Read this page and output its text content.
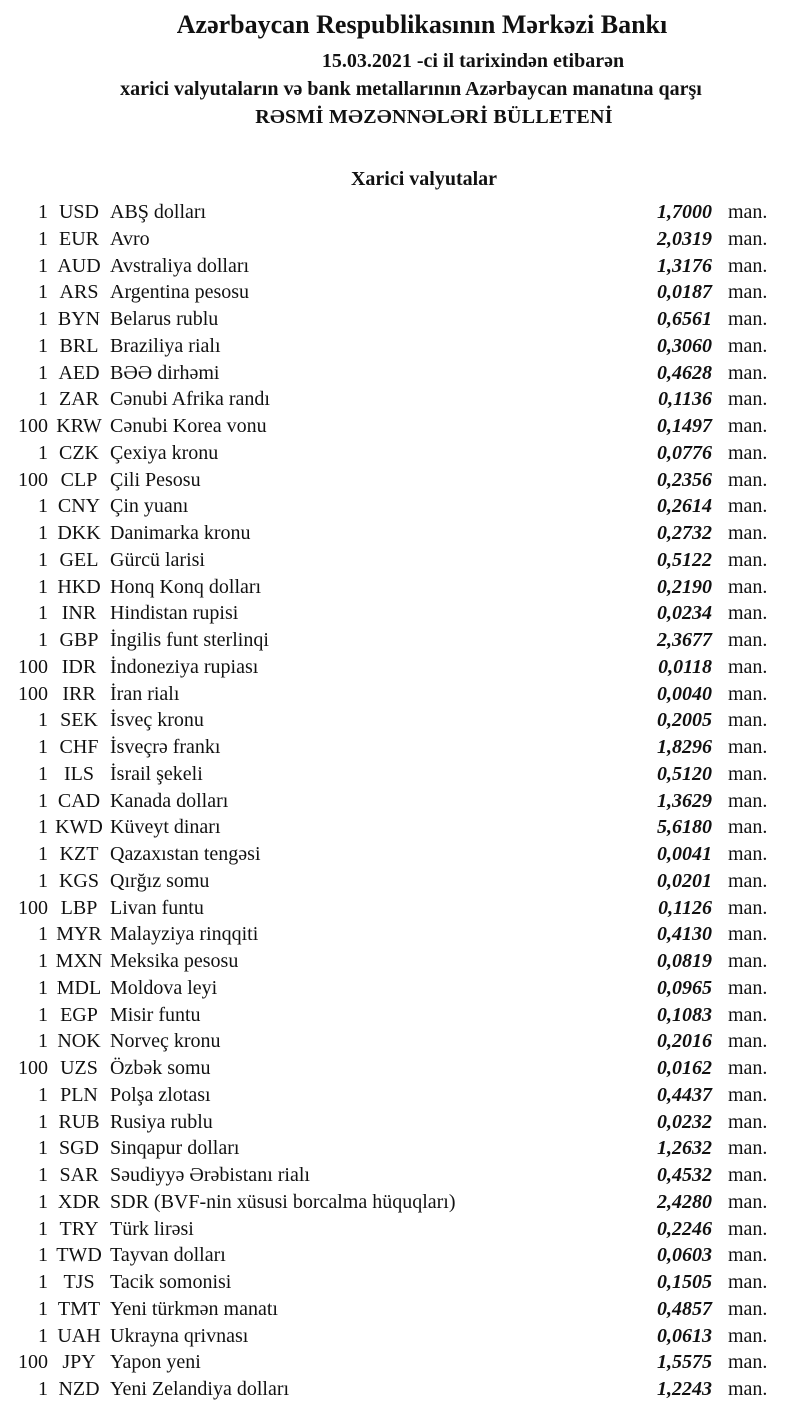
Azərbaycan Respublikasının Mərkəzi Bankı
15.03.2021 -ci il tarixindən etibarən
xarici valyutaların və bank metallarının Azərbaycan manatına qarşı
RƏSMİ MƏZƏNNƏLƏRİ BÜLLETENİ
Xarici valyutalar
1 USD ABŞ dolları	1,7000 man.
1 EUR Avro	2,0319 man.
1 AUD Avstraliya dolları	1,3176 man.
1 ARS Argentina pesosu	0,0187 man.
1 BYN Belarus rublu	0,6561 man.
1 BRL Braziliya rialı	0,3060 man.
1 AED BƏƏ dirhəmi	0,4628 man.
1 ZAR Cənubi Afrika randı	0,1136 man.
100 KRW Cənubi Korea vonu	0,1497 man.
1 CZK Çexiya kronu	0,0776 man.
100 CLP Çili Pesosu	0,2356 man.
1 CNY Çin yuanı	0,2614 man.
1 DKK Danimarka kronu	0,2732 man.
1 GEL Gürcü larisi	0,5122 man.
1 HKD Honq Konq dolları	0,2190 man.
1 INR Hindistan rupisi	0,0234 man.
1 GBP İngilis funt sterlinqi	2,3677 man.
100 IDR İndoneziya rupiası	0,0118 man.
100 IRR İran rialı	0,0040 man.
1 SEK İsveç kronu	0,2005 man.
1 CHF İsveçrə frankı	1,8296 man.
1 ILS İsrail şekeli	0,5120 man.
1 CAD Kanada dolları	1,3629 man.
1 KWD Küveyt dinarı	5,6180 man.
1 KZT Qazaxıstan tengəsi	0,0041 man.
1 KGS Qırğız somu	0,0201 man.
100 LBP Livan funtu	0,1126 man.
1 MYR Malayziya rinqqiti	0,4130 man.
1 MXN Meksika pesosu	0,0819 man.
1 MDL Moldova leyi	0,0965 man.
1 EGP Misir funtu	0,1083 man.
1 NOK Norveç kronu	0,2016 man.
100 UZS Özbək somu	0,0162 man.
1 PLN Polşa zlotası	0,4437 man.
1 RUB Rusiya rublu	0,0232 man.
1 SGD Sinqapur dolları	1,2632 man.
1 SAR Səudiyyə Ərəbistanı rialı	0,4532 man.
1 XDR SDR (BVF-nin xüsusi borcalma hüquqları)	2,4280 man.
1 TRY Türk lirəsi	0,2246 man.
1 TWD Tayvan dolları	0,0603 man.
1 TJS Tacik somonisi	0,1505 man.
1 TMT Yeni türkmən manatı	0,4857 man.
1 UAH Ukrayna qrivnası	0,0613 man.
100 JPY Yapon yeni	1,5575 man.
1 NZD Yeni Zelandiya dolları	1,2243 man.
